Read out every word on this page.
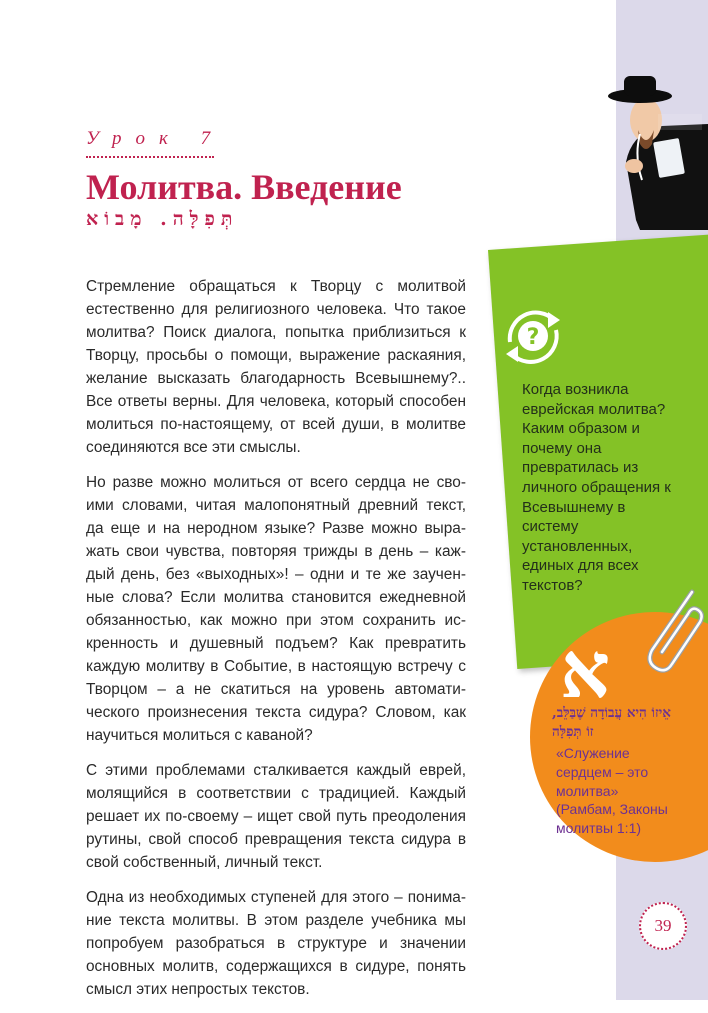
Урок 7
Молитва. Введение
תְּפִלָּה. מָבוֹא

Стремление обращаться к Творцу с молитвой естественно для религиозного человека. Что такое молитва? Поиск диалога, попытка приблизиться к Творцу, просьбы о помощи, выражение раскаяния, желание высказать благодарность Всевышнему?.. Все ответы верны. Для человека, который способен молиться по-настоящему, от всей души, в молитве соединяются все эти смыслы.

Но разве можно молиться от всего сердца не своими словами, читая малопонятный древний текст, да еще и на неродном языке? Разве можно выражать свои чувства, повторяя трижды в день – каждый день, без «выходных»! – одни и те же заученные слова? Если молитва становится ежедневной обязанностью, как можно при этом сохранить искренность и душевный подъем? Как превратить каждую молитву в Событие, в настоящую встречу с Творцом – а не скатиться на уровень автоматического произнесения текста сидура? Словом, как научиться молиться с каваной?

С этими проблемами сталкивается каждый еврей, молящийся в соответствии с традицией. Каждый решает их по-своему – ищет свой путь преодоления рутины, свой способ превращения текста сидура в свой собственный, личный текст.

Одна из необходимых ступеней для этого – понимание текста молитвы. В этом разделе учебника мы попробуем разобраться в структуре и значении основных молитв, содержащихся в сидуре, понять смысл этих непростых текстов.

?
Когда возникла еврейская молитва? Каким образом и почему она превратилась из личного обращения к Всевышнему в систему установленных, единых для всех текстов?
א
אֵיזוֹ הִיא עֲבוֹדָה שֶׁבַּלֵּב, זוֹ תְּפִלָּה
«Служение сердцем – это молитва»
(Рамбам, Законы молитвы 1:1)
39
